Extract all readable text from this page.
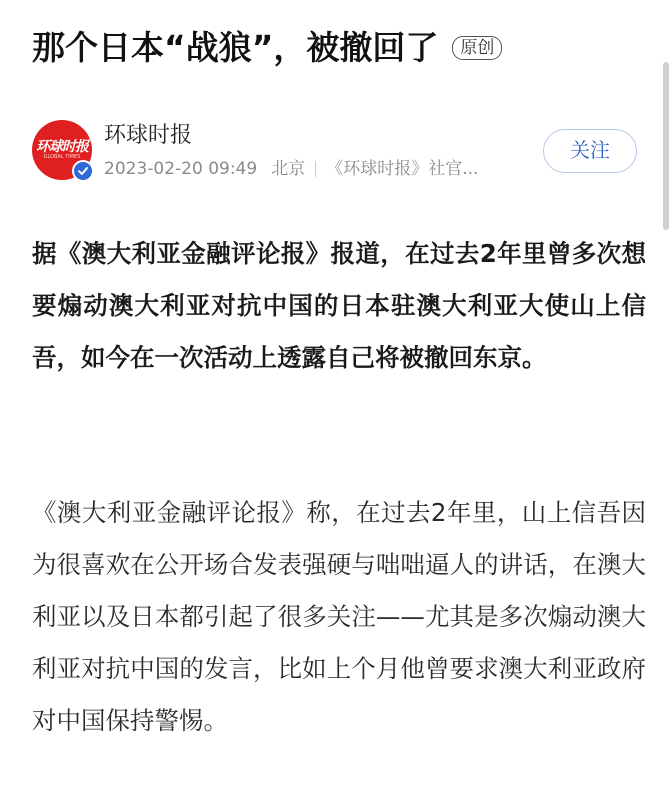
那个日本“战狼”，被撤回了	原创
环球时报
GLOBAL TIMES
环球时报
2023-02-20 09:49 北京 《环球时报》社官...
关注

据《澳大利亚金融评论报》报道，在过去2年里曾多次想要煽动澳大利亚对抗中国的日本驻澳大利亚大使山上信吾，如今在一次活动上透露自己将被撤回东京。

《澳大利亚金融评论报》称，在过去2年里，山上信吾因为很喜欢在公开场合发表强硬与咄咄逼人的讲话，在澳大利亚以及日本都引起了很多关注——尤其是多次煽动澳大利亚对抗中国的发言，比如上个月他曾要求澳大利亚政府对中国保持警惕。
